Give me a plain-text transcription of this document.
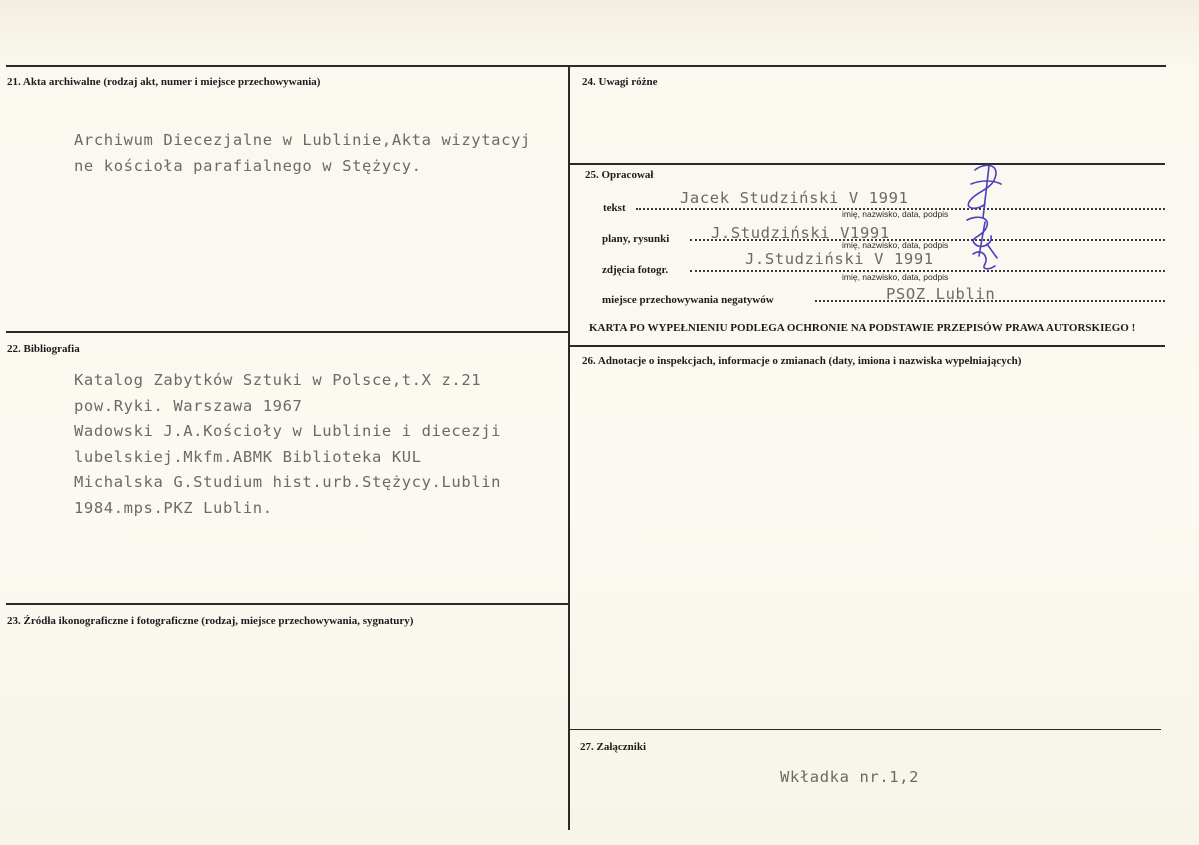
21. Akta archiwalne (rodzaj akt, numer i miejsce przechowywania)
Archiwum Diecezjalne w Lublinie,Akta wizytacyj
ne kościoła parafialnego w Stężycy.
22. Bibliografia
Katalog Zabytków Sztuki w Polsce,t.X z.21
pow.Ryki. Warszawa 1967
Wadowski J.A.Kościoły w Lublinie i diecezji
lubelskiej.Mkfm.ABMK Biblioteka KUL
Michalska G.Studium hist.urb.Stężycy.Lublin
1984.mps.PKZ Lublin.
23. Źródła ikonograficzne i fotograficzne (rodzaj, miejsce przechowywania, sygnatury)
24. Uwagi różne
25. Opracował
tekst
Jacek Studziński V 1991
imię, nazwisko, data, podpis
plany, rysunki	J.Studziński V1991
imię, nazwisko, data, podpis
zdjęcia fotogr.
J.Studziński V 1991
imię, nazwisko, data, podpis
miejsce przechowywania negatywów	PSOZ Lublin
KARTA PO WYPEŁNIENIU PODLEGA OCHRONIE NA PODSTAWIE PRZEPISÓW PRAWA AUTORSKIEGO !
26. Adnotacje o inspekcjach, informacje o zmianach (daty, imiona i nazwiska wypełniających)
27. Załączniki
Wkładka nr.1,2
